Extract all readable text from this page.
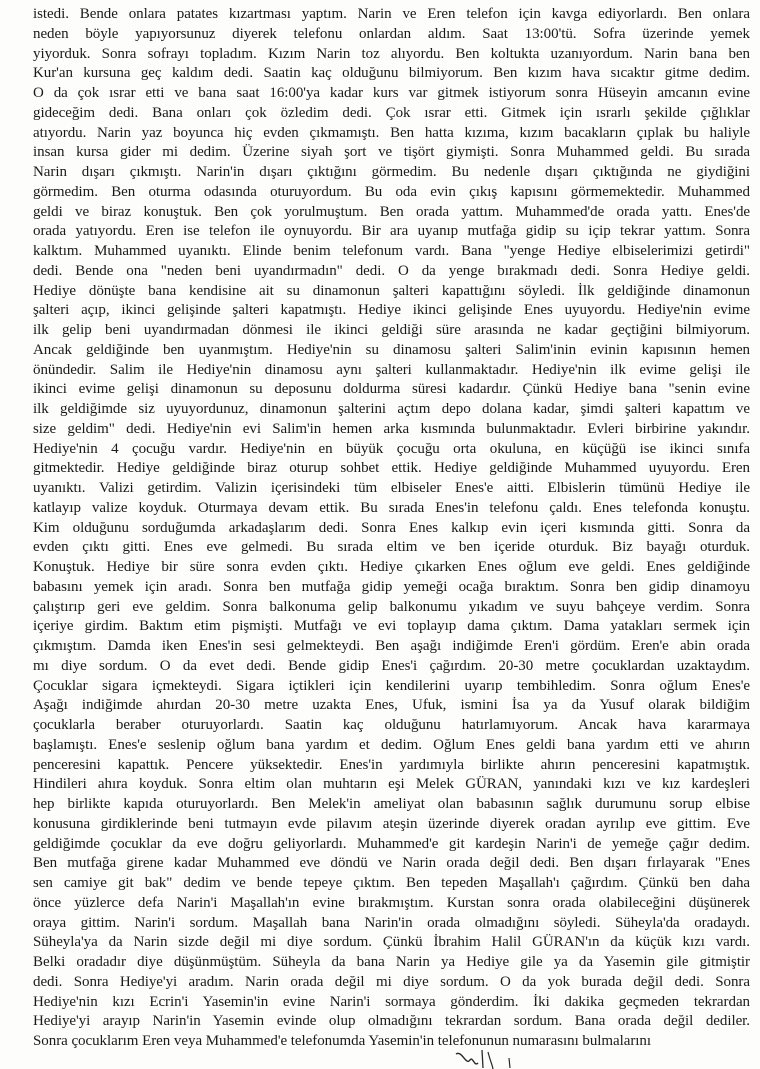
istedi. Bende onlara patates kızartması yaptım. Narin ve Eren telefon için kavga ediyorlardı. Ben onlara
neden böyle yapıyorsunuz diyerek telefonu onlardan aldım. Saat 13:00'tü. Sofra üzerinde yemek
yiyorduk. Sonra sofrayı topladım. Kızım Narin toz alıyordu. Ben koltukta uzanıyordum. Narin bana ben
Kur'an kursuna geç kaldım dedi. Saatin kaç olduğunu bilmiyorum. Ben kızım hava sıcaktır gitme dedim.
O da çok ısrar etti ve bana saat 16:00'ya kadar kurs var gitmek istiyorum sonra Hüseyin amcanın evine
gideceğim dedi. Bana onları çok özledim dedi. Çok ısrar etti. Gitmek için ısrarlı şekilde çığlıklar
atıyordu. Narin yaz boyunca hiç evden çıkmamıştı. Ben hatta kızıma, kızım bacakların çıplak bu haliyle
insan kursa gider mi dedim. Üzerine siyah şort ve tişört giymişti. Sonra Muhammed geldi. Bu sırada
Narin dışarı çıkmıştı. Narin'in dışarı çıktığını görmedim. Bu nedenle dışarı çıktığında ne giydiğini
görmedim. Ben oturma odasında oturuyordum. Bu oda evin çıkış kapısını görmemektedir. Muhammed
geldi ve biraz konuştuk. Ben çok yorulmuştum. Ben orada yattım. Muhammed'de orada yattı. Enes'de
orada yatıyordu. Eren ise telefon ile oynuyordu. Bir ara uyanıp mutfağa gidip su içip tekrar yattım. Sonra
kalktım. Muhammed uyanıktı. Elinde benim telefonum vardı. Bana "yenge Hediye elbiselerimizi getirdi"
dedi. Bende ona "neden beni uyandırmadın" dedi. O da yenge bırakmadı dedi. Sonra Hediye geldi.
Hediye dönüşte bana kendisine ait su dinamonun şalteri kapattığını söyledi. İlk geldiğinde dinamonun
şalteri açıp, ikinci gelişinde şalteri kapatmıştı. Hediye ikinci gelişinde Enes uyuyordu. Hediye'nin evime
ilk gelip beni uyandırmadan dönmesi ile ikinci geldiği süre arasında ne kadar geçtiğini bilmiyorum.
Ancak geldiğinde ben uyanmıştım. Hediye'nin su dinamosu şalteri Salim'inin evinin kapısının hemen
önündedir. Salim ile Hediye'nin dinamosu aynı şalteri kullanmaktadır. Hediye'nin ilk evime gelişi ile
ikinci evime gelişi dinamonun su deposunu doldurma süresi kadardır. Çünkü Hediye bana "senin evine
ilk geldiğimde siz uyuyordunuz, dinamonun şalterini açtım depo dolana kadar, şimdi şalteri kapattım ve
size geldim" dedi. Hediye'nin evi Salim'in hemen arka kısmında bulunmaktadır. Evleri birbirine yakındır.
Hediye'nin 4 çocuğu vardır. Hediye'nin en büyük çocuğu orta okuluna, en küçüğü ise ikinci sınıfa
gitmektedir. Hediye geldiğinde biraz oturup sohbet ettik. Hediye geldiğinde Muhammed uyuyordu. Eren
uyanıktı. Valizi getirdim. Valizin içerisindeki tüm elbiseler Enes'e aitti. Elbislerin tümünü Hediye ile
katlayıp valize koyduk. Oturmaya devam ettik. Bu sırada Enes'in telefonu çaldı. Enes telefonda konuştu.
Kim olduğunu sorduğumda arkadaşlarım dedi. Sonra Enes kalkıp evin içeri kısmında gitti. Sonra da
evden çıktı gitti. Enes eve gelmedi. Bu sırada eltim ve ben içeride oturduk. Biz bayağı oturduk.
Konuştuk. Hediye bir süre sonra evden çıktı. Hediye çıkarken Enes oğlum eve geldi. Enes geldiğinde
babasını yemek için aradı. Sonra ben mutfağa gidip yemeği ocağa bıraktım. Sonra ben gidip dinamoyu
çalıştırıp geri eve geldim. Sonra balkonuma gelip balkonumu yıkadım ve suyu bahçeye verdim. Sonra
içeriye girdim. Baktım etim pişmişti. Mutfağı ve evi toplayıp dama çıktım. Dama yatakları sermek için
çıkmıştım. Damda iken Enes'in sesi gelmekteydi. Ben aşağı indiğimde Eren'i gördüm. Eren'e abin orada
mı diye sordum. O da evet dedi. Bende gidip Enes'i çağırdım. 20-30 metre çocuklardan uzaktaydım.
Çocuklar sigara içmekteydi. Sigara içtikleri için kendilerini uyarıp tembihledim. Sonra oğlum Enes'e
Aşağı indiğimde ahırdan 20-30 metre uzakta Enes, Ufuk, ismini İsa ya da Yusuf olarak bildiğim
çocuklarla beraber oturuyorlardı. Saatin kaç olduğunu hatırlamıyorum. Ancak hava kararmaya
başlamıştı. Enes'e seslenip oğlum bana yardım et dedim. Oğlum Enes geldi bana yardım etti ve ahırın
penceresini kapattık. Pencere yüksektedir. Enes'in yardımıyla birlikte ahırın penceresini kapatmıştık.
Hindileri ahıra koyduk. Sonra eltim olan muhtarın eşi Melek GÜRAN, yanındaki kızı ve kız kardeşleri
hep birlikte kapıda oturuyorlardı. Ben Melek'in ameliyat olan babasının sağlık durumunu sorup elbise
konusuna girdiklerinde beni tutmayın evde pilavım ateşin üzerinde diyerek oradan ayrılıp eve gittim. Eve
geldiğimde çocuklar da eve doğru geliyorlardı. Muhammed'e git kardeşin Narin'i de yemeğe çağır dedim.
Ben mutfağa girene kadar Muhammed eve döndü ve Narin orada değil dedi. Ben dışarı fırlayarak "Enes
sen camiye git bak" dedim ve bende tepeye çıktım. Ben tepeden Maşallah'ı çağırdım. Çünkü ben daha
önce yüzlerce defa Narin'i Maşallah'ın evine bırakmıştım. Kurstan sonra orada olabileceğini düşünerek
oraya gittim. Narin'i sordum. Maşallah bana Narin'in orada olmadığını söyledi. Süheyla'da oradaydı.
Süheyla'ya da Narin sizde değil mi diye sordum. Çünkü İbrahim Halil GÜRAN'ın da küçük kızı vardı.
Belki oradadır diye düşünmüştüm. Süheyla da bana Narin ya Hediye gile ya da Yasemin gile gitmiştir
dedi. Sonra Hediye'yi aradım. Narin orada değil mi diye sordum. O da yok burada değil dedi. Sonra
Hediye'nin kızı Ecrin'i Yasemin'in evine Narin'i sormaya gönderdim. İki dakika geçmeden tekrardan
Hediye'yi arayıp Narin'in Yasemin evinde olup olmadığını tekrardan sordum. Bana orada değil dediler.
Sonra çocuklarım Eren veya Muhammed'e telefonumda Yasemin'in telefonunun numarasını bulmalarını
